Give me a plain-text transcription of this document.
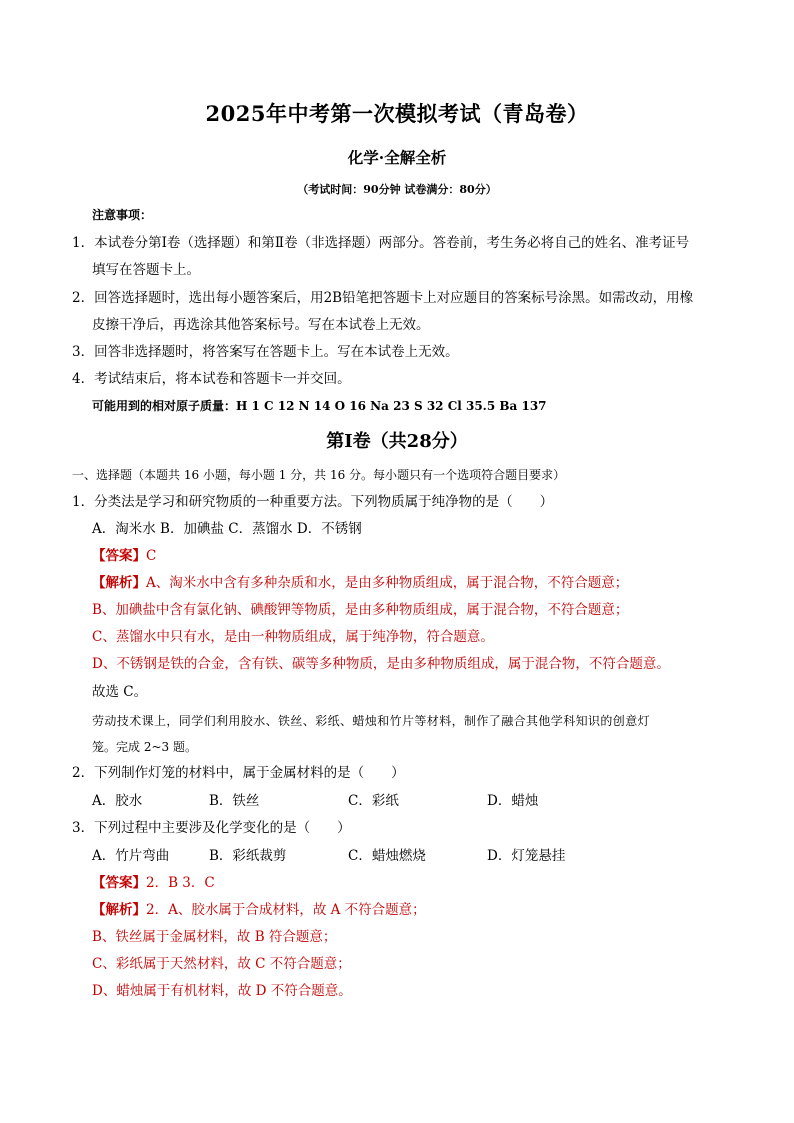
2025年中考第一次模拟考试（青岛卷）
化学·全解全析
（考试时间：90分钟 试卷满分：80分）
注意事项：
1．本试卷分第Ⅰ卷（选择题）和第Ⅱ卷（非选择题）两部分。答卷前，考生务必将自己的姓名、准考证号
填写在答题卡上。
2．回答选择题时，选出每小题答案后，用2B铅笔把答题卡上对应题目的答案标号涂黑。如需改动，用橡
皮擦干净后，再选涂其他答案标号。写在本试卷上无效。
3．回答非选择题时，将答案写在答题卡上。写在本试卷上无效。
4．考试结束后，将本试卷和答题卡一并交回。
可能用到的相对原子质量：H 1 C 12 N 14 O 16 Na 23 S 32 Cl 35.5 Ba 137
第Ⅰ卷（共28分）
一、选择题（本题共 16 小题，每小题 1 分，共 16 分。每小题只有一个选项符合题目要求）
1．分类法是学习和研究物质的一种重要方法。下列物质属于纯净物的是（　　）
A．淘米水 B．加碘盐 C．蒸馏水 D．不锈钢
【答案】C
【解析】A、淘米水中含有多种杂质和水，是由多种物质组成，属于混合物，不符合题意；
B、加碘盐中含有氯化钠、碘酸钾等物质，是由多种物质组成，属于混合物，不符合题意；
C、蒸馏水中只有水，是由一种物质组成，属于纯净物，符合题意。
D、不锈钢是铁的合金，含有铁、碳等多种物质，是由多种物质组成，属于混合物，不符合题意。
故选 C。
劳动技术课上，同学们利用胶水、铁丝、彩纸、蜡烛和竹片等材料，制作了融合其他学科知识的创意灯
笼。完成 2~3 题。
2．下列制作灯笼的材料中，属于金属材料的是（　　）
A．胶水	B．铁丝	C．彩纸	D．蜡烛
3．下列过程中主要涉及化学变化的是（　　）
A．竹片弯曲	B．彩纸裁剪	C．蜡烛燃烧	D．灯笼悬挂
【答案】2．B 3．C
【解析】2．A、胶水属于合成材料，故 A 不符合题意；
B、铁丝属于金属材料，故 B 符合题意；
C、彩纸属于天然材料，故 C 不符合题意；
D、蜡烛属于有机材料，故 D 不符合题意。
